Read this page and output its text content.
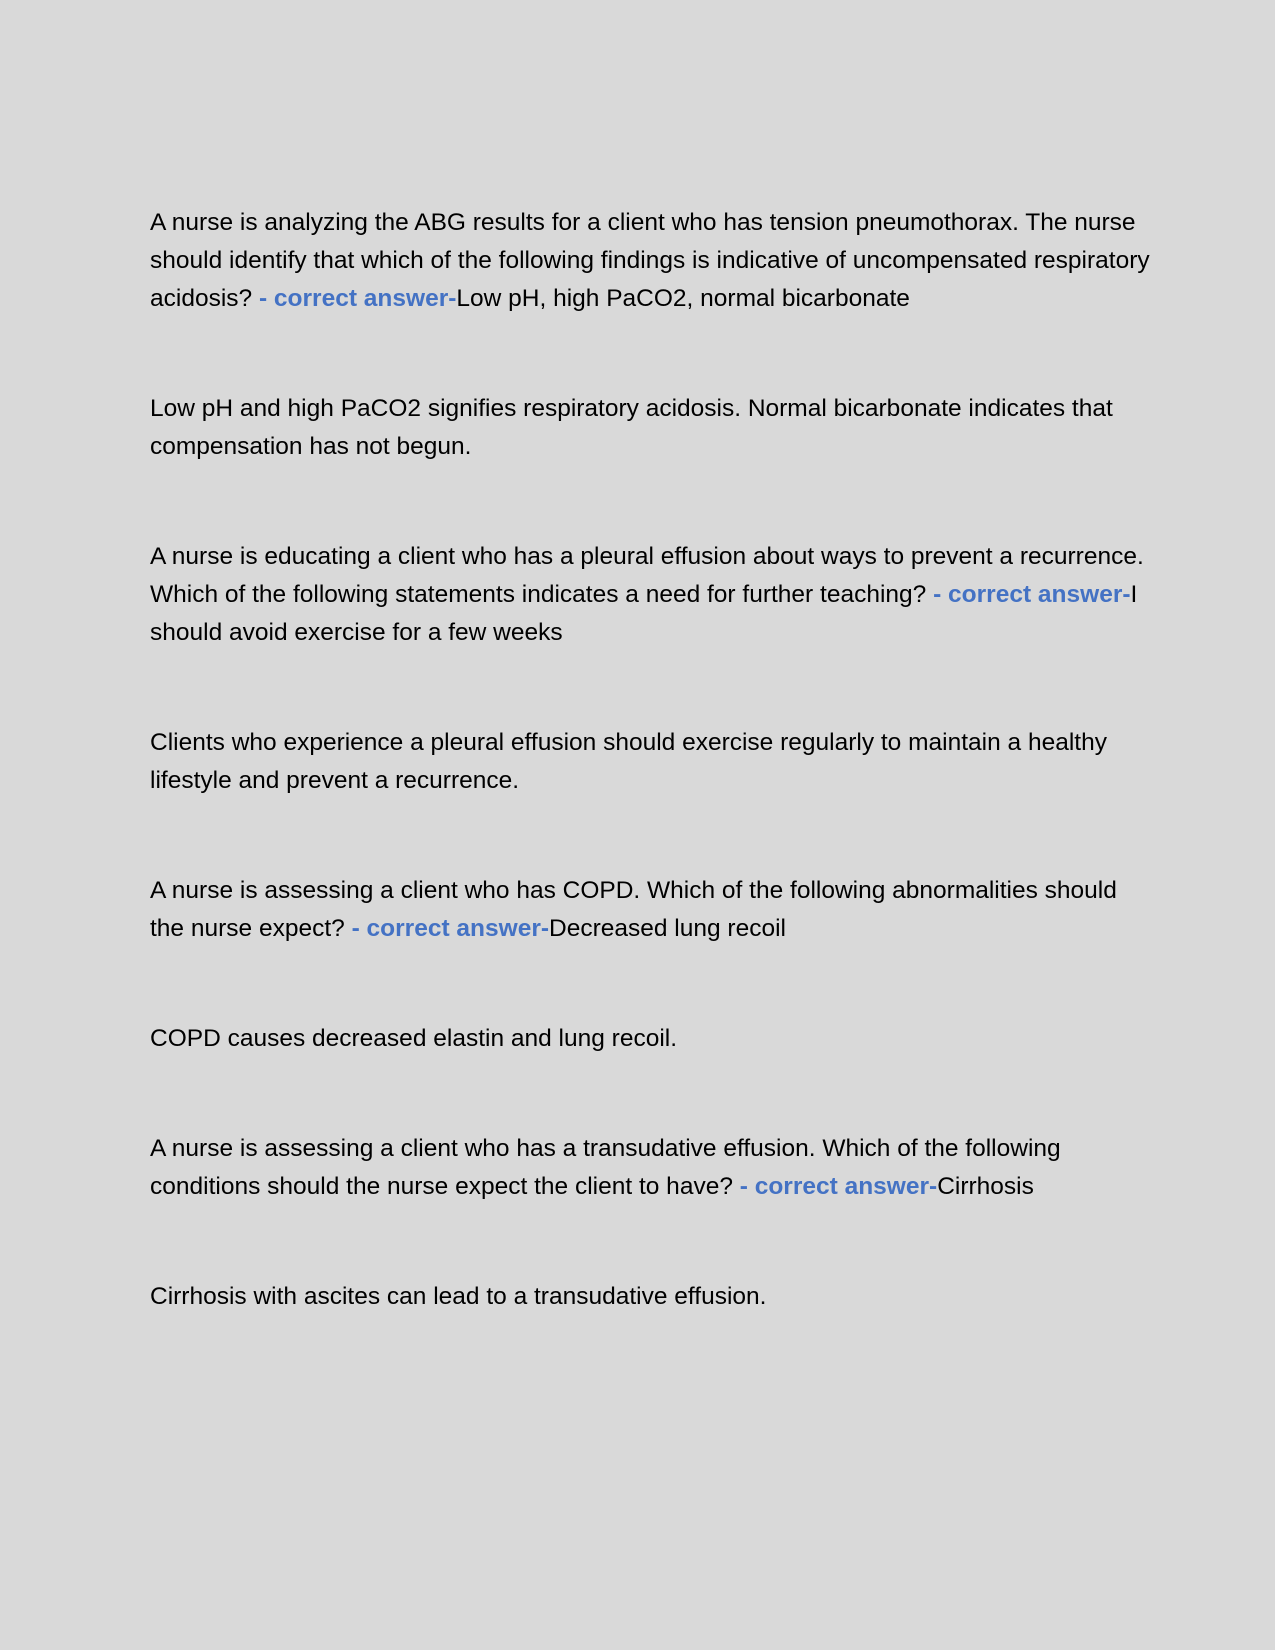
A nurse is analyzing the ABG results for a client who has tension pneumothorax. The nurse should identify that which of the following findings is indicative of uncompensated respiratory acidosis? - correct answer-Low pH, high PaCO2, normal bicarbonate

Low pH and high PaCO2 signifies respiratory acidosis. Normal bicarbonate indicates that compensation has not begun.

A nurse is educating a client who has a pleural effusion about ways to prevent a recurrence. Which of the following statements indicates a need for further teaching? - correct answer-I should avoid exercise for a few weeks

Clients who experience a pleural effusion should exercise regularly to maintain a healthy lifestyle and prevent a recurrence.

A nurse is assessing a client who has COPD. Which of the following abnormalities should the nurse expect? - correct answer-Decreased lung recoil

COPD causes decreased elastin and lung recoil.

A nurse is assessing a client who has a transudative effusion. Which of the following conditions should the nurse expect the client to have? - correct answer-Cirrhosis

Cirrhosis with ascites can lead to a transudative effusion.
